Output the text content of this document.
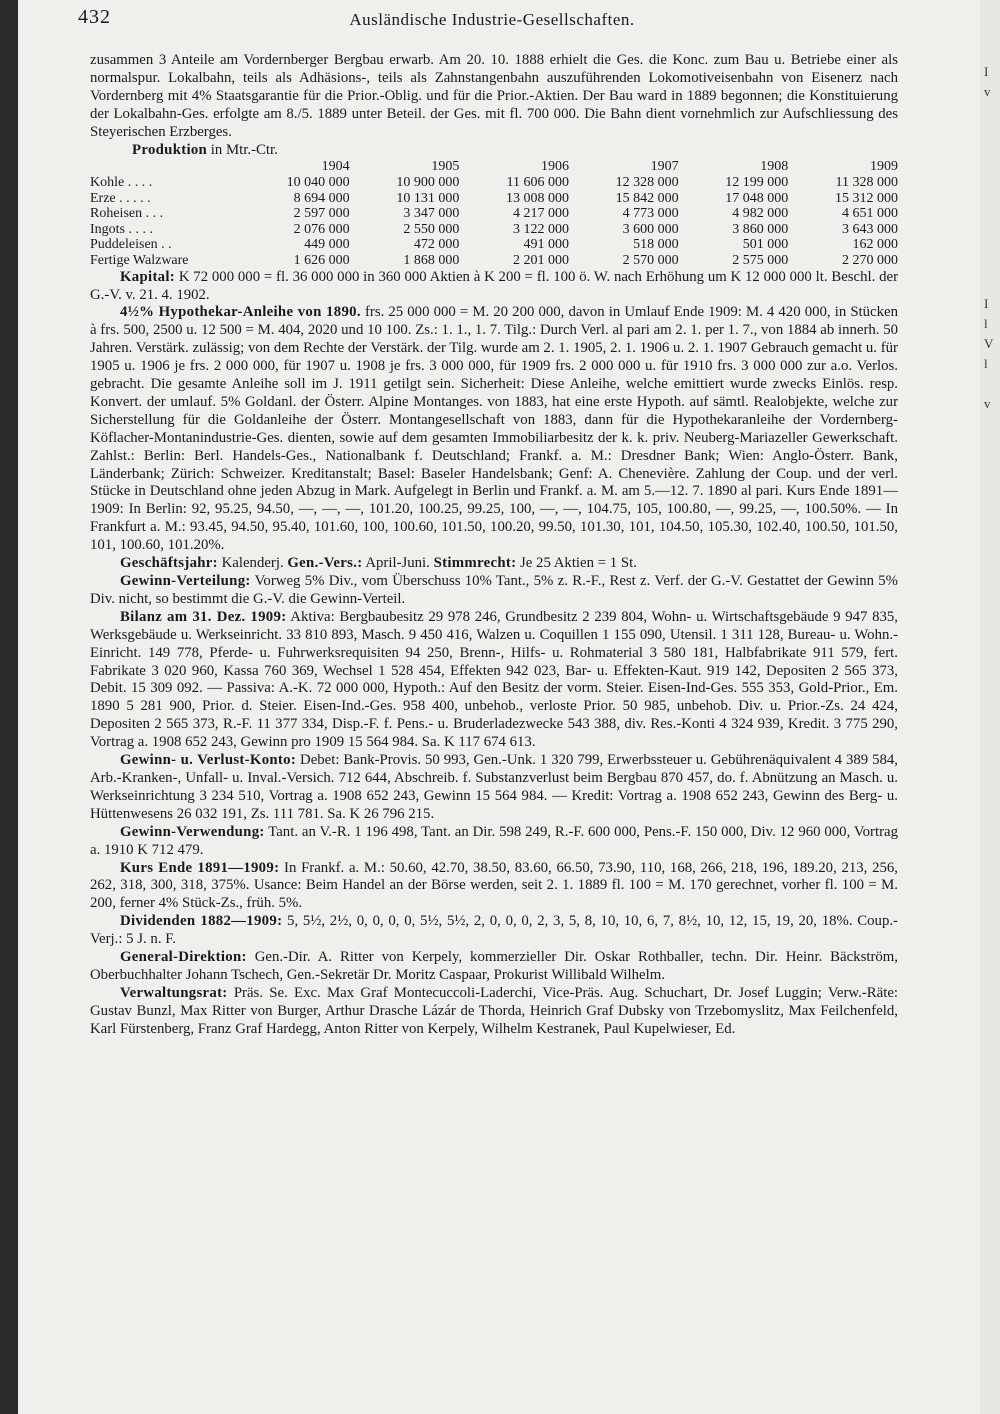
I
v
I
l
V
l
v
432	Ausländische Industrie-Gesellschaften.

zusammen 3 Anteile am Vordernberger Bergbau erwarb. Am 20. 10. 1888 erhielt die Ges. die Konc. zum Bau u. Betriebe einer als normalspur. Lokalbahn, teils als Adhäsions-, teils als Zahnstangenbahn auszuführenden Lokomotiveisenbahn von Eisenerz nach Vordernberg mit 4% Staatsgarantie für die Prior.-Oblig. und für die Prior.-Aktien. Der Bau ward in 1889 begonnen; die Konstituierung der Lokalbahn-Ges. erfolgte am 8./5. 1889 unter Beteil. der Ges. mit fl. 700 000. Die Bahn dient vornehmlich zur Aufschliessung des Steyerischen Erzberges.

Produktion in Mtr.-Ctr.
	1904	1905	1906	1907	1908	1909
Kohle . . . .	10 040 000	10 900 000	11 606 000	12 328 000	12 199 000	11 328 000
Erze . . . . .	8 694 000	10 131 000	13 008 000	15 842 000	17 048 000	15 312 000
Roheisen . . .	2 597 000	3 347 000	4 217 000	4 773 000	4 982 000	4 651 000
Ingots . . . .	2 076 000	2 550 000	3 122 000	3 600 000	3 860 000	3 643 000
Puddeleisen . .	449 000	472 000	491 000	518 000	501 000	162 000
Fertige Walzware	1 626 000	1 868 000	2 201 000	2 570 000	2 575 000	2 270 000

Kapital: K 72 000 000 = fl. 36 000 000 in 360 000 Aktien à K 200 = fl. 100 ö. W. nach Erhöhung um K 12 000 000 lt. Beschl. der G.-V. v. 21. 4. 1902.

4½% Hypothekar-Anleihe von 1890. frs. 25 000 000 = M. 20 200 000, davon in Umlauf Ende 1909: M. 4 420 000, in Stücken à frs. 500, 2500 u. 12 500 = M. 404, 2020 und 10 100. Zs.: 1. 1., 1. 7. Tilg.: Durch Verl. al pari am 2. 1. per 1. 7., von 1884 ab innerh. 50 Jahren. Verstärk. zulässig; von dem Rechte der Verstärk. der Tilg. wurde am 2. 1. 1905, 2. 1. 1906 u. 2. 1. 1907 Gebrauch gemacht u. für 1905 u. 1906 je frs. 2 000 000, für 1907 u. 1908 je frs. 3 000 000, für 1909 frs. 2 000 000 u. für 1910 frs. 3 000 000 zur a.o. Verlos. gebracht. Die gesamte Anleihe soll im J. 1911 getilgt sein. Sicherheit: Diese Anleihe, welche emittiert wurde zwecks Einlös. resp. Konvert. der umlauf. 5% Goldanl. der Österr. Alpine Montanges. von 1883, hat eine erste Hypoth. auf sämtl. Realobjekte, welche zur Sicherstellung für die Goldanleihe der Österr. Montangesellschaft von 1883, dann für die Hypothekaranleihe der Vordernberg-Köflacher-Montanindustrie-Ges. dienten, sowie auf dem gesamten Immobiliarbesitz der k. k. priv. Neuberg-Mariazeller Gewerkschaft. Zahlst.: Berlin: Berl. Handels-Ges., Nationalbank f. Deutschland; Frankf. a. M.: Dresdner Bank; Wien: Anglo-Österr. Bank, Länderbank; Zürich: Schweizer. Kreditanstalt; Basel: Baseler Handelsbank; Genf: A. Chenevière. Zahlung der Coup. und der verl. Stücke in Deutschland ohne jeden Abzug in Mark. Aufgelegt in Berlin und Frankf. a. M. am 5.—12. 7. 1890 al pari. Kurs Ende 1891—1909: In Berlin: 92, 95.25, 94.50, —, —, —, 101.20, 100.25, 99.25, 100, —, —, 104.75, 105, 100.80, —, 99.25, —, 100.50%. — In Frankfurt a. M.: 93.45, 94.50, 95.40, 101.60, 100, 100.60, 101.50, 100.20, 99.50, 101.30, 101, 104.50, 105.30, 102.40, 100.50, 101.50, 101, 100.60, 101.20%.

Geschäftsjahr: Kalenderj. Gen.-Vers.: April-Juni. Stimmrecht: Je 25 Aktien = 1 St.

Gewinn-Verteilung: Vorweg 5% Div., vom Überschuss 10% Tant., 5% z. R.-F., Rest z. Verf. der G.-V. Gestattet der Gewinn 5% Div. nicht, so bestimmt die G.-V. die Gewinn-Verteil.

Bilanz am 31. Dez. 1909: Aktiva: Bergbaubesitz 29 978 246, Grundbesitz 2 239 804, Wohn- u. Wirtschaftsgebäude 9 947 835, Werksgebäude u. Werkseinricht. 33 810 893, Masch. 9 450 416, Walzen u. Coquillen 1 155 090, Utensil. 1 311 128, Bureau- u. Wohn.-Einricht. 149 778, Pferde- u. Fuhrwerksrequisiten 94 250, Brenn-, Hilfs- u. Rohmaterial 3 580 181, Halbfabrikate 911 579, fert. Fabrikate 3 020 960, Kassa 760 369, Wechsel 1 528 454, Effekten 942 023, Bar- u. Effekten-Kaut. 919 142, Depositen 2 565 373, Debit. 15 309 092. — Passiva: A.-K. 72 000 000, Hypoth.: Auf den Besitz der vorm. Steier. Eisen-Ind-Ges. 555 353, Gold-Prior., Em. 1890 5 281 900, Prior. d. Steier. Eisen-Ind.-Ges. 958 400, unbehob., verloste Prior. 50 985, unbehob. Div. u. Prior.-Zs. 24 424, Depositen 2 565 373, R.-F. 11 377 334, Disp.-F. f. Pens.- u. Bruderladezwecke 543 388, div. Res.-Konti 4 324 939, Kredit. 3 775 290, Vortrag a. 1908 652 243, Gewinn pro 1909 15 564 984. Sa. K 117 674 613.

Gewinn- u. Verlust-Konto: Debet: Bank-Provis. 50 993, Gen.-Unk. 1 320 799, Erwerbssteuer u. Gebührenäquivalent 4 389 584, Arb.-Kranken-, Unfall- u. Inval.-Versich. 712 644, Abschreib. f. Substanzverlust beim Bergbau 870 457, do. f. Abnützung an Masch. u. Werkseinrichtung 3 234 510, Vortrag a. 1908 652 243, Gewinn 15 564 984. — Kredit: Vortrag a. 1908 652 243, Gewinn des Berg- u. Hüttenwesens 26 032 191, Zs. 111 781. Sa. K 26 796 215.

Gewinn-Verwendung: Tant. an V.-R. 1 196 498, Tant. an Dir. 598 249, R.-F. 600 000, Pens.-F. 150 000, Div. 12 960 000, Vortrag a. 1910 K 712 479.

Kurs Ende 1891—1909: In Frankf. a. M.: 50.60, 42.70, 38.50, 83.60, 66.50, 73.90, 110, 168, 266, 218, 196, 189.20, 213, 256, 262, 318, 300, 318, 375%. Usance: Beim Handel an der Börse werden, seit 2. 1. 1889 fl. 100 = M. 170 gerechnet, vorher fl. 100 = M. 200, ferner 4% Stück-Zs., früh. 5%.

Dividenden 1882—1909: 5, 5½, 2½, 0, 0, 0, 0, 5½, 5½, 2, 0, 0, 0, 2, 3, 5, 8, 10, 10, 6, 7, 8½, 10, 12, 15, 19, 20, 18%. Coup.-Verj.: 5 J. n. F.

General-Direktion: Gen.-Dir. A. Ritter von Kerpely, kommerzieller Dir. Oskar Rothballer, techn. Dir. Heinr. Bäckström, Oberbuchhalter Johann Tschech, Gen.-Sekretär Dr. Moritz Caspaar, Prokurist Willibald Wilhelm.

Verwaltungsrat: Präs. Se. Exc. Max Graf Montecuccoli-Laderchi, Vice-Präs. Aug. Schuchart, Dr. Josef Luggin; Verw.-Räte: Gustav Bunzl, Max Ritter von Burger, Arthur Drasche Lázár de Thorda, Heinrich Graf Dubsky von Trzebomyslitz, Max Feilchenfeld, Karl Fürstenberg, Franz Graf Hardegg, Anton Ritter von Kerpely, Wilhelm Kestranek, Paul Kupelwieser, Ed.
